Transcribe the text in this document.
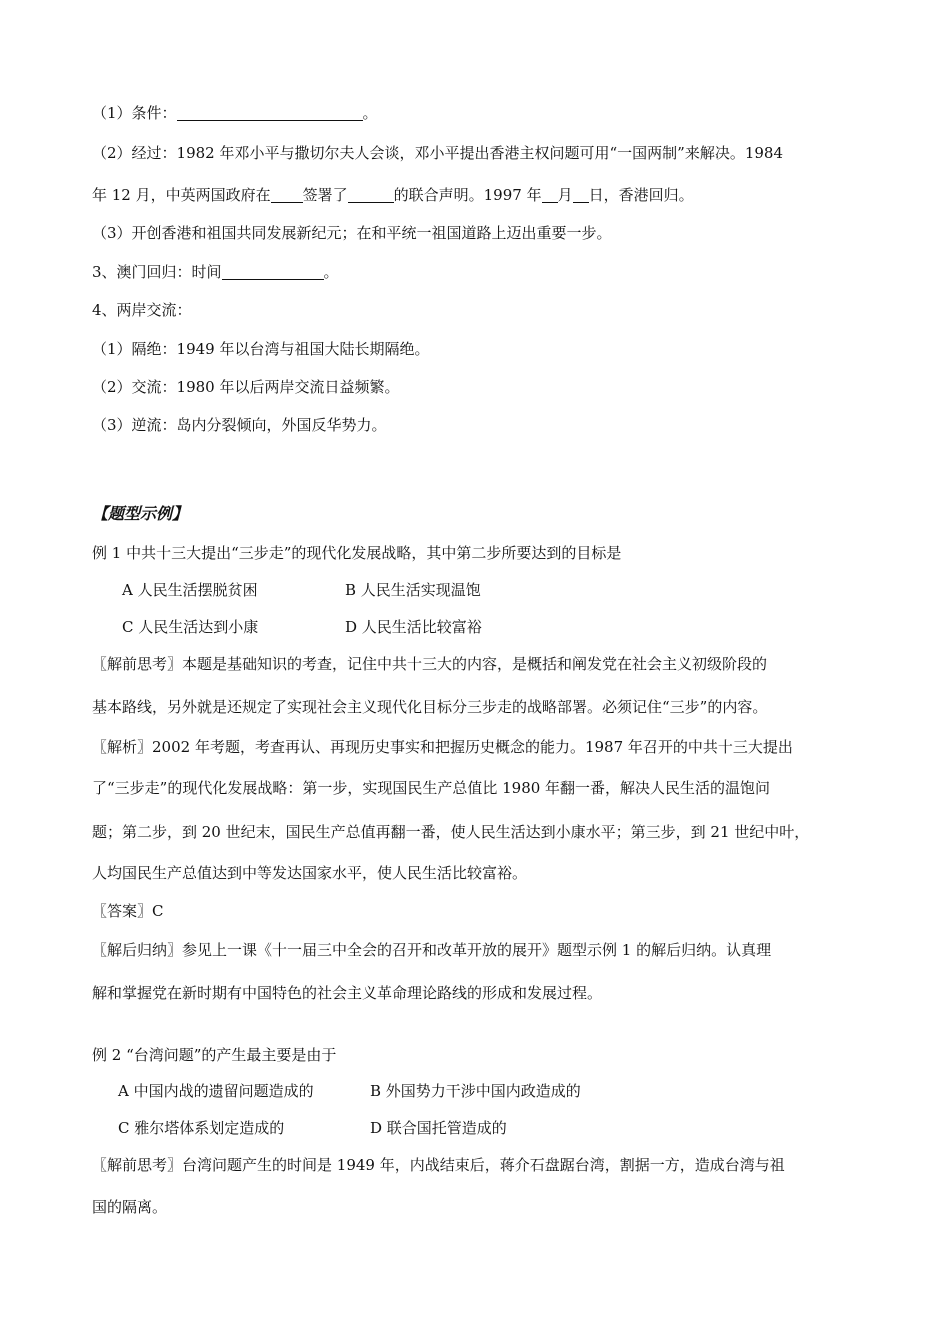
（1）条件：	。
（2）经过：1982 年邓小平与撒切尔夫人会谈，邓小平提出香港主权问题可用“一国两制”来解决。1984
年 12 月，中英两国政府在 签署了	的联合声明。1997 年 月 日，香港回归。
（3）开创香港和祖国共同发展新纪元；在和平统一祖国道路上迈出重要一步。
3、澳门回归：时间	。
4、两岸交流：
（1）隔绝：1949 年以台湾与祖国大陆长期隔绝。
（2）交流：1980 年以后两岸交流日益频繁。
（3）逆流：岛内分裂倾向，外国反华势力。
【题型示例】
例 1 中共十三大提出“三步走”的现代化发展战略，其中第二步所要达到的目标是
A 人民生活摆脱贫困	B 人民生活实现温饱
C 人民生活达到小康	D 人民生活比较富裕
〖解前思考〗本题是基础知识的考查，记住中共十三大的内容，是概括和阐发党在社会主义初级阶段的
基本路线，另外就是还规定了实现社会主义现代化目标分三步走的战略部署。必须记住“三步”的内容。
〖解析〗2002 年考题，考查再认、再现历史事实和把握历史概念的能力。1987 年召开的中共十三大提出
了“三步走”的现代化发展战略：第一步，实现国民生产总值比 1980 年翻一番，解决人民生活的温饱问
题；第二步，到 20 世纪末，国民生产总值再翻一番，使人民生活达到小康水平；第三步，到 21 世纪中叶，
人均国民生产总值达到中等发达国家水平，使人民生活比较富裕。
〖答案〗C
〖解后归纳〗参见上一课《十一届三中全会的召开和改革开放的展开》题型示例 1 的解后归纳。认真理
解和掌握党在新时期有中国特色的社会主义革命理论路线的形成和发展过程。
例 2 “台湾问题”的产生最主要是由于
A 中国内战的遗留问题造成的	B 外国势力干涉中国内政造成的
C 雅尔塔体系划定造成的	D 联合国托管造成的
〖解前思考〗台湾问题产生的时间是 1949 年，内战结束后，蒋介石盘踞台湾，割据一方，造成台湾与祖
国的隔离。
